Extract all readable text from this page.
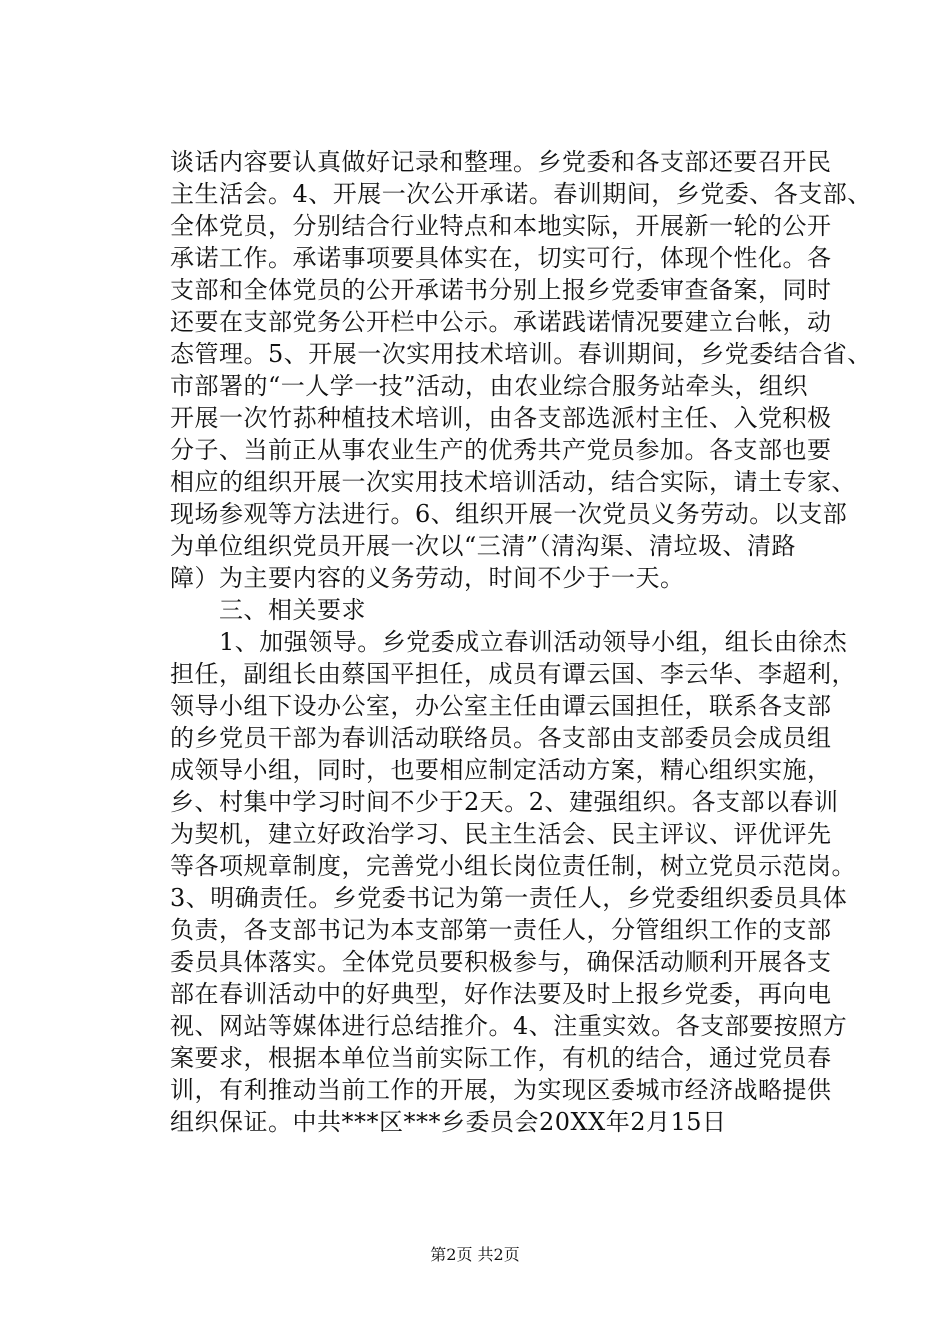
谈话内容要认真做好记录和整理。乡党委和各支部还要召开民
主生活会。4、开展一次公开承诺。春训期间，乡党委、各支部、
全体党员，分别结合行业特点和本地实际，开展新一轮的公开
承诺工作。承诺事项要具体实在，切实可行，体现个性化。各
支部和全体党员的公开承诺书分别上报乡党委审查备案，同时
还要在支部党务公开栏中公示。承诺践诺情况要建立台帐，动
态管理。5、开展一次实用技术培训。春训期间，乡党委结合省、
市部署的“一人学一技”活动，由农业综合服务站牵头，组织
开展一次竹荪种植技术培训，由各支部选派村主任、入党积极
分子、当前正从事农业生产的优秀共产党员参加。各支部也要
相应的组织开展一次实用技术培训活动，结合实际，请土专家、
现场参观等方法进行。6、组织开展一次党员义务劳动。以支部
为单位组织党员开展一次以“三清”（清沟渠、清垃圾、清路
障）为主要内容的义务劳动，时间不少于一天。
　　三、相关要求
　　1、加强领导。乡党委成立春训活动领导小组，组长由徐杰
担任，副组长由蔡国平担任，成员有谭云国、李云华、李超利，
领导小组下设办公室，办公室主任由谭云国担任，联系各支部
的乡党员干部为春训活动联络员。各支部由支部委员会成员组
成领导小组，同时，也要相应制定活动方案，精心组织实施，
乡、村集中学习时间不少于2天。2、建强组织。各支部以春训
为契机，建立好政治学习、民主生活会、民主评议、评优评先
等各项规章制度，完善党小组长岗位责任制，树立党员示范岗。
3、明确责任。乡党委书记为第一责任人，乡党委组织委员具体
负责，各支部书记为本支部第一责任人，分管组织工作的支部
委员具体落实。全体党员要积极参与，确保活动顺利开展各支
部在春训活动中的好典型，好作法要及时上报乡党委，再向电
视、网站等媒体进行总结推介。4、注重实效。各支部要按照方
案要求，根据本单位当前实际工作，有机的结合，通过党员春
训，有利推动当前工作的开展，为实现区委城市经济战略提供
组织保证。中共***区***乡委员会20XX年2月15日
第2页 共2页
